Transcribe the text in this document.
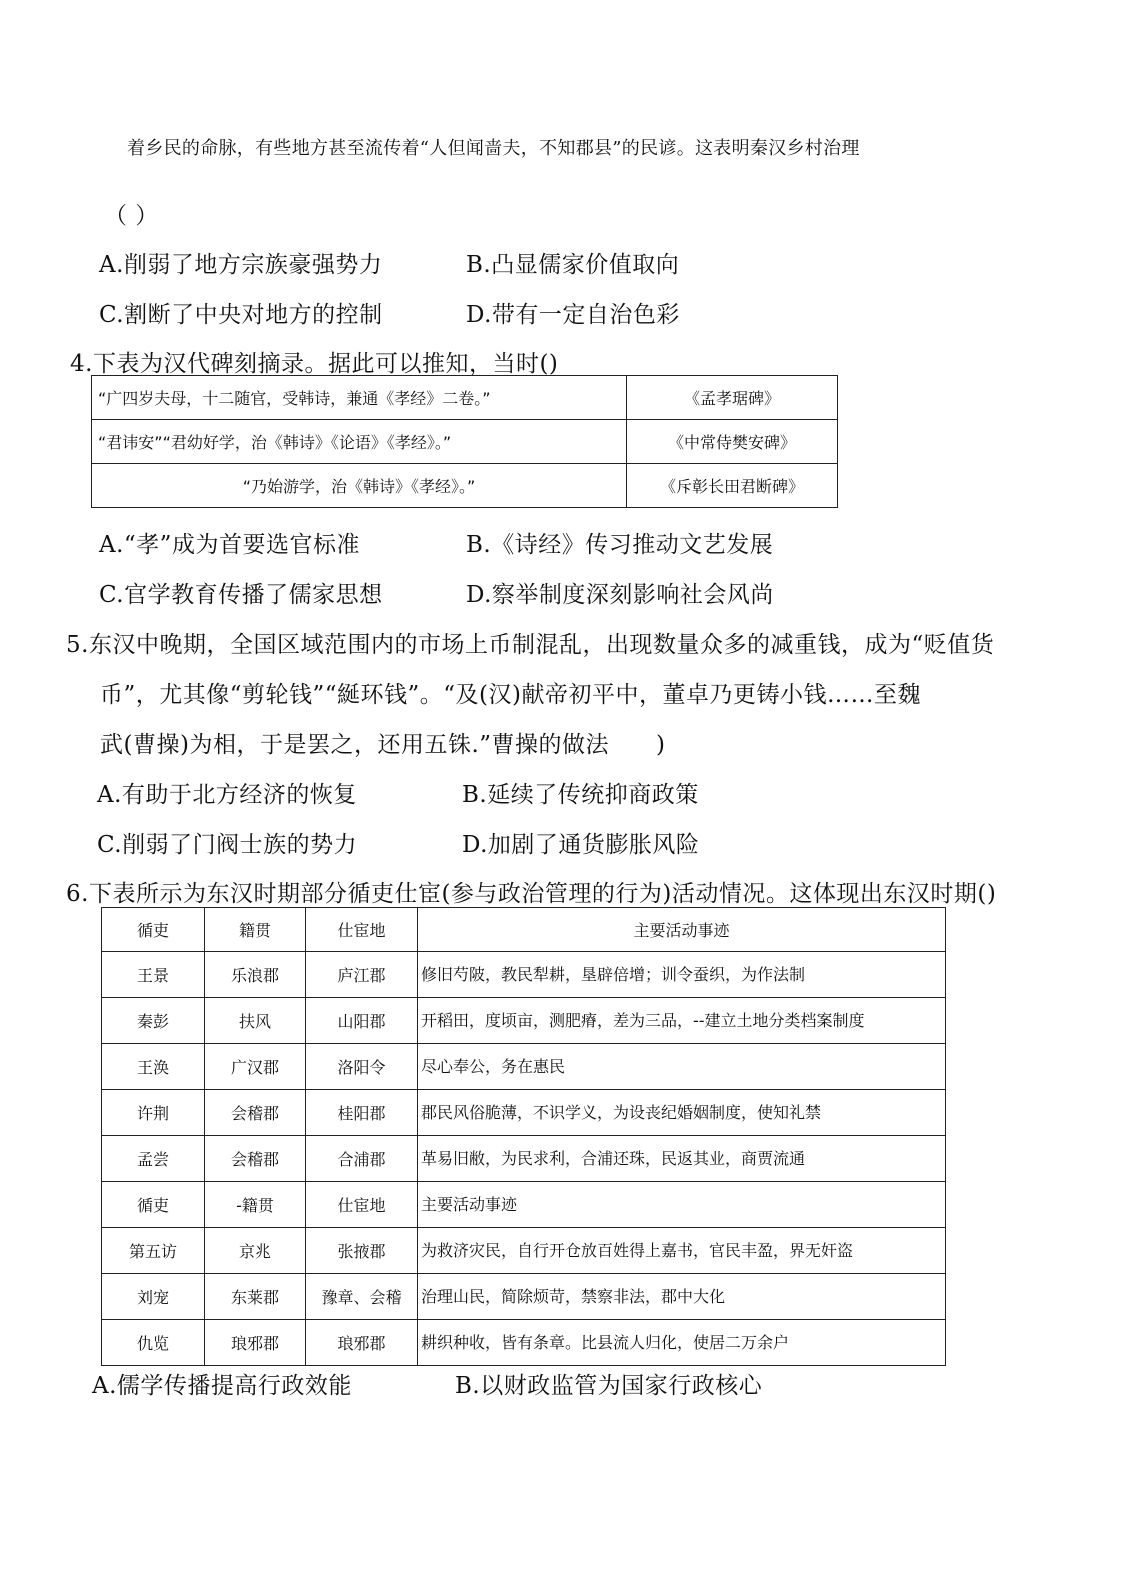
着乡民的命脉，有些地方甚至流传着“人但闻啬夫，不知郡县”的民谚。这表明秦汉乡村治理
（ ）
A.削弱了地方宗族豪强势力	B.凸显儒家价值取向
C.割断了中央对地方的控制	D.带有一定自治色彩
4.下表为汉代碑刻摘录。据此可以推知，当时()
“广四岁夫母，十二随官，受韩诗，兼通《孝经》二卷。”	《孟孝琚碑》
“君讳安”“君幼好学，治《韩诗》《论语》《孝经》。”	《中常侍樊安碑》
“乃始游学，治《韩诗》《孝经》。”	《斥彰长田君断碑》
A.“孝”成为首要选官标准	B.《诗经》传习推动文艺发展
C.官学教育传播了儒家思想	D.察举制度深刻影响社会风尚
5.东汉中晚期，全国区域范围内的市场上币制混乱，出现数量众多的减重钱，成为“贬值货
币”，尤其像“剪轮钱”“綖环钱”。“及(汉)献帝初平中，董卓乃更铸小钱……至魏
武(曹操)为相，于是罢之，还用五铢.”曹操的做法　　)
A.有助于北方经济的恢复	B.延续了传统抑商政策
C.削弱了门阀士族的势力	D.加剧了通货膨胀风险
6.下表所示为东汉时期部分循吏仕宦(参与政治管理的行为)活动情况。这体现出东汉时期()
循吏	籍贯	仕宦地	主要活动事迹
王景	乐浪郡	庐江郡	修旧芍陂，教民犁耕，垦辟倍增；训令蚕织，为作法制
秦彭	扶风	山阳郡	开稻田，度顷亩，测肥瘠，差为三品，--建立土地分类档案制度
王涣	广汉郡	洛阳令	尽心奉公，务在惠民
许荆	会稽郡	桂阳郡	郡民风俗脆薄，不识学义，为设丧纪婚姻制度，使知礼禁
孟尝	会稽郡	合浦郡	革易旧敝，为民求利，合浦还珠，民返其业，商贾流通
循吏	-籍贯	仕宦地	主要活动事迹
第五访	京兆	张掖郡	为救济灾民，自行开仓放百姓得上嘉书，官民丰盈，界无奸盗
刘宠	东莱郡	豫章、会稽	治理山民，简除烦苛，禁察非法，郡中大化
仇览	琅邪郡	琅邪郡	耕织种收，皆有条章。比县流人归化，使居二万余户
A.儒学传播提高行政效能	B.以财政监管为国家行政核心
